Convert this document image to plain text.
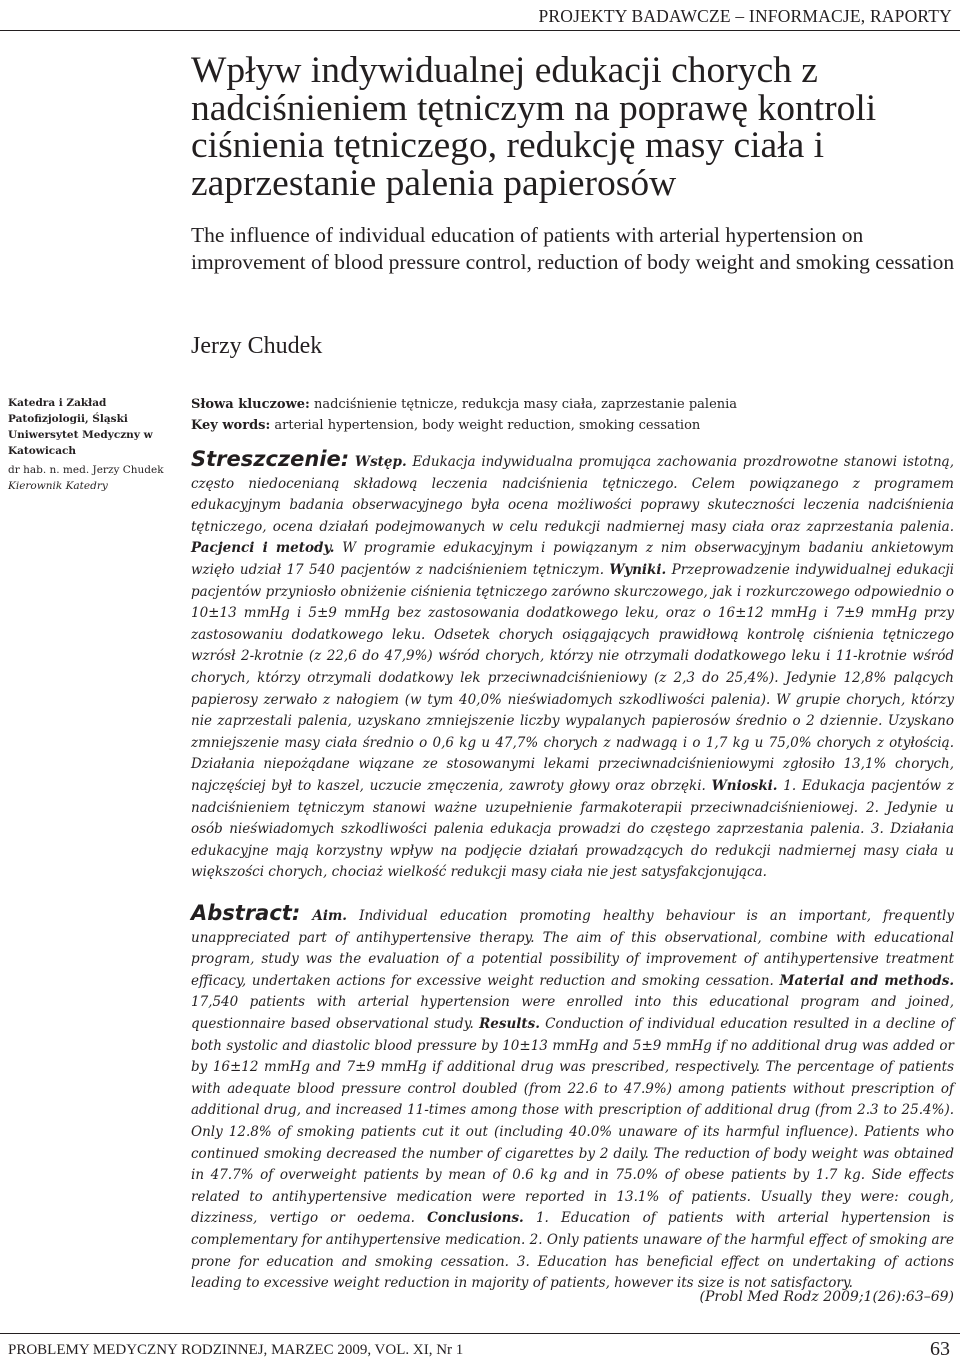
PROJEKTY BADAWCZE – INFORMACJE, RAPORTY
Wpływ indywidualnej edukacji chorych z nadciśnieniem tętniczym na poprawę kontroli ciśnienia tętniczego, redukcję masy ciała i zaprzestanie palenia papierosów
The influence of individual education of patients with arterial hypertension on improvement of blood pressure control, reduction of body weight and smoking cessation
Jerzy Chudek
Katedra i Zakład Patofizjologii, Śląski Uniwersytet Medyczny w Katowicach
dr hab. n. med. Jerzy Chudek
Kierownik Katedry
Słowa kluczowe: nadciśnienie tętnicze, redukcja masy ciała, zaprzestanie palenia
Key words: arterial hypertension, body weight reduction, smoking cessation
Streszczenie: Wstęp. Edukacja indywidualna promująca zachowania prozdrowotne stanowi istotną, często niedocenianą składową leczenia nadciśnienia tętniczego. Celem powiązanego z programem edukacyjnym badania obserwacyjnego była ocena możliwości poprawy skuteczności leczenia nadciśnienia tętniczego, ocena działań podejmowanych w celu redukcji nadmiernej masy ciała oraz zaprzestania palenia. Pacjenci i metody. W programie edukacyjnym i powiązanym z nim obserwacyjnym badaniu ankietowym wzięło udział 17 540 pacjentów z nadciśnieniem tętniczym. Wyniki. Przeprowadzenie indywidualnej edukacji pacjentów przyniosło obniżenie ciśnienia tętniczego zarówno skurczowego, jak i rozkurczowego odpowiednio o 10±13 mmHg i 5±9 mmHg bez zastosowania dodatkowego leku, oraz o 16±12 mmHg i 7±9 mmHg przy zastosowaniu dodatkowego leku. Odsetek chorych osiągających prawidłową kontrolę ciśnienia tętniczego wzrósł 2-krotnie (z 22,6 do 47,9%) wśród chorych, którzy nie otrzymali dodatkowego leku i 11-krotnie wśród chorych, którzy otrzymali dodatkowy lek przeciwnadciśnieniowy (z 2,3 do 25,4%). Jedynie 12,8% palących papierosy zerwało z nałogiem (w tym 40,0% nieświadomych szkodliwości palenia). W grupie chorych, którzy nie zaprzestali palenia, uzyskano zmniejszenie liczby wypalanych papierosów średnio o 2 dziennie. Uzyskano zmniejszenie masy ciała średnio o 0,6 kg u 47,7% chorych z nadwagą i o 1,7 kg u 75,0% chorych z otyłością. Działania niepożądane wiązane ze stosowanymi lekami przeciwnadciśnieniowymi zgłosiło 13,1% chorych, najczęściej był to kaszel, uczucie zmęczenia, zawroty głowy oraz obrzęki. Wnioski. 1. Edukacja pacjentów z nadciśnieniem tętniczym stanowi ważne uzupełnienie farmakoterapii przeciwnadciśnieniowej. 2. Jedynie u osób nieświadomych szkodliwości palenia edukacja prowadzi do częstego zaprzestania palenia. 3. Działania edukacyjne mają korzystny wpływ na podjęcie działań prowadzących do redukcji nadmiernej masy ciała u większości chorych, chociaż wielkość redukcji masy ciała nie jest satysfakcjonująca.
Abstract: Aim. Individual education promoting healthy behaviour is an important, frequently unappreciated part of antihypertensive therapy. The aim of this observational, combine with educational program, study was the evaluation of a potential possibility of improvement of antihypertensive treatment efficacy, undertaken actions for excessive weight reduction and smoking cessation. Material and methods. 17,540 patients with arterial hypertension were enrolled into this educational program and joined, questionnaire based observational study. Results. Conduction of individual education resulted in a decline of both systolic and diastolic blood pressure by 10±13 mmHg and 5±9 mmHg if no additional drug was added or by 16±12 mmHg and 7±9 mmHg if additional drug was prescribed, respectively. The percentage of patients with adequate blood pressure control doubled (from 22.6 to 47.9%) among patients without prescription of additional drug, and increased 11-times among those with prescription of additional drug (from 2.3 to 25.4%). Only 12.8% of smoking patients cut it out (including 40.0% unaware of its harmful influence). Patients who continued smoking decreased the number of cigarettes by 2 daily. The reduction of body weight was obtained in 47.7% of overweight patients by mean of 0.6 kg and in 75.0% of obese patients by 1.7 kg. Side effects related to antihypertensive medication were reported in 13.1% of patients. Usually they were: cough, dizziness, vertigo or oedema. Conclusions. 1. Education of patients with arterial hypertension is complementary for antihypertensive medication. 2. Only patients unaware of the harmful effect of smoking are prone for education and smoking cessation. 3. Education has beneficial effect on undertaking of actions leading to excessive weight reduction in majority of patients, however its size is not satisfactory.
(Probl Med Rodz 2009;1(26):63–69)
PROBLEMY MEDYCZNY RODZINNEJ, MARZEC 2009, VOL. XI, Nr 1	63
